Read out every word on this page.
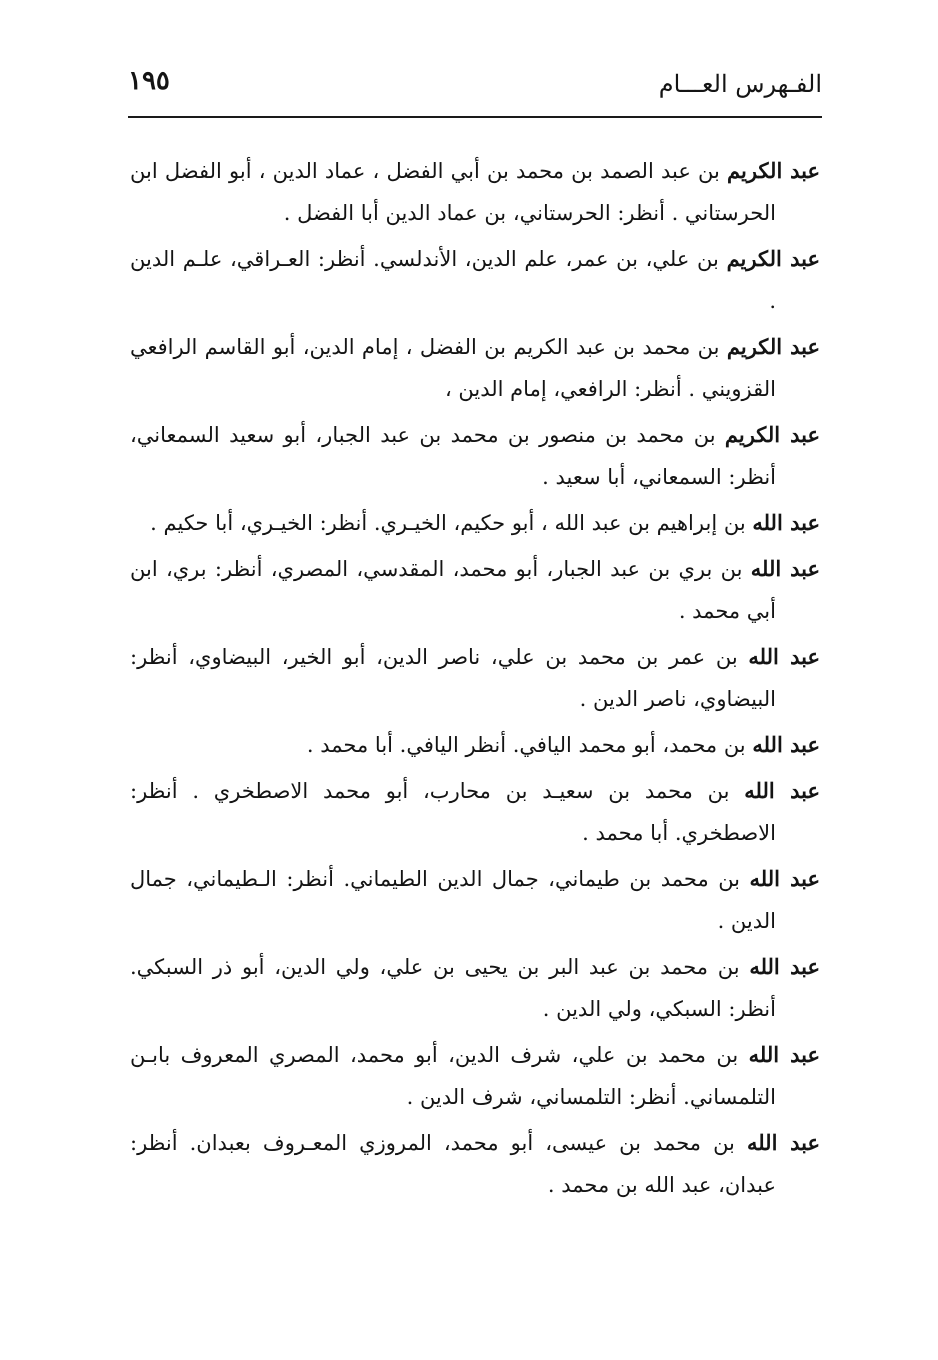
الفـهرس العـــام
١٩٥

عبد الكريم بن عبد الصمد بن محمد بن أبي الفضل ، عماد الدين ، أبو الفضل ابن الحرستاني . أنظر: الحرستاني، بن عماد الدين أبا الفضل .

عبد الكريم بن علي، بن عمر، علم الدين، الأندلسي. أنظر: العـراقي، علـم الدين .

عبد الكريم بن محمد بن عبد الكريم بن الفضل ، إمام الدين، أبو القاسم الرافعي القزويني . أنظر: الرافعي، إمام الدين ،

عبد الكريم بن محمد بن منصور بن محمد بن عبد الجبار، أبو سعيد السمعاني، أنظر: السمعاني، أبا سعيد .

عبد الله بن إبراهيم بن عبد الله ، أبو حكيم، الخيـري. أنظر: الخيـري، أبا حكيم .

عبد الله بن بري بن عبد الجبار، أبو محمد، المقدسي، المصري، أنظر: بري، ابن أبي محمد .

عبد الله بن عمر بن محمد بن علي، ناصر الدين، أبو الخير، البيضاوي، أنظر: البيضاوي، ناصر الدين .

عبد الله بن محمد، أبو محمد اليافي. أنظر اليافي. أبا محمد .

عبد الله بن محمد بن سعيـد بن محارب، أبو محمد الاصطخري . أنظر: الاصطخري. أبا محمد .

عبد الله بن محمد بن طيماني، جمال الدين الطيماني. أنظر: الـطيماني، جمال الدين .

عبد الله بن محمد بن عبد البر بن يحيى بن علي، ولي الدين، أبو ذر السبكي. أنظر: السبكي، ولي الدين .

عبد الله بن محمد بن علي، شرف الدين، أبو محمد، المصري المعروف بابـن التلمساني. أنظر: التلمساني، شرف الدين .

عبد الله بن محمد بن عيسى، أبو محمد، المروزي المعـروف بعبدان. أنظر: عبدان، عبد الله بن محمد .
